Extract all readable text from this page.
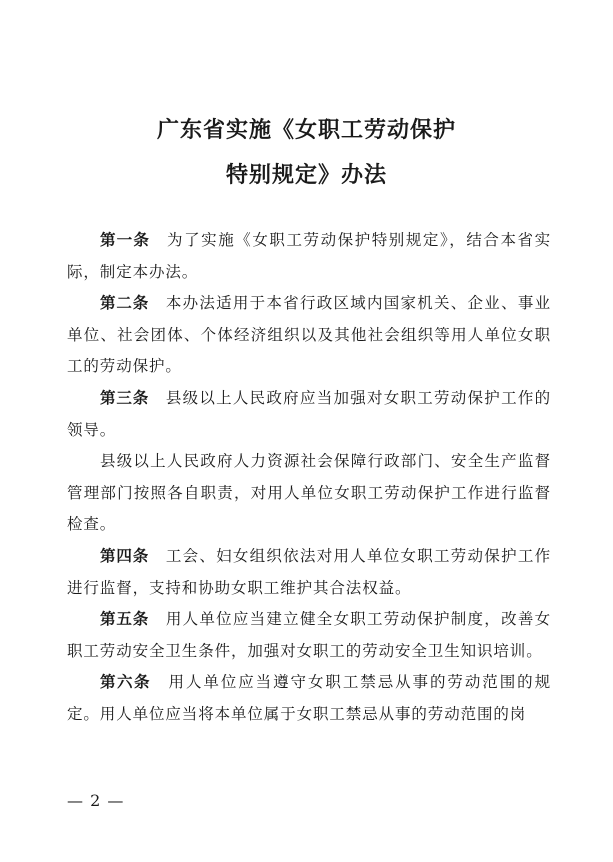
广东省实施《女职工劳动保护
特别规定》办法

第一条　 为了实施《女职工劳动保护特别规定》，结合本省实际，制定本办法。

第二条　 本办法适用于本省行政区域内国家机关、企业、事业单位、社会团体、个体经济组织以及其他社会组织等用人单位女职工的劳动保护。

第三条　 县级以上人民政府应当加强对女职工劳动保护工作的领导。

县级以上人民政府人力资源社会保障行政部门、安全生产监督管理部门按照各自职责，对用人单位女职工劳动保护工作进行监督检查。

第四条　 工会、妇女组织依法对用人单位女职工劳动保护工作进行监督，支持和协助女职工维护其合法权益。

第五条　 用人单位应当建立健全女职工劳动保护制度，改善女职工劳动安全卫生条件，加强对女职工的劳动安全卫生知识培训。

第六条　 用人单位应当遵守女职工禁忌从事的劳动范围的规定。用人单位应当将本单位属于女职工禁忌从事的劳动范围的岗

— 2 —
